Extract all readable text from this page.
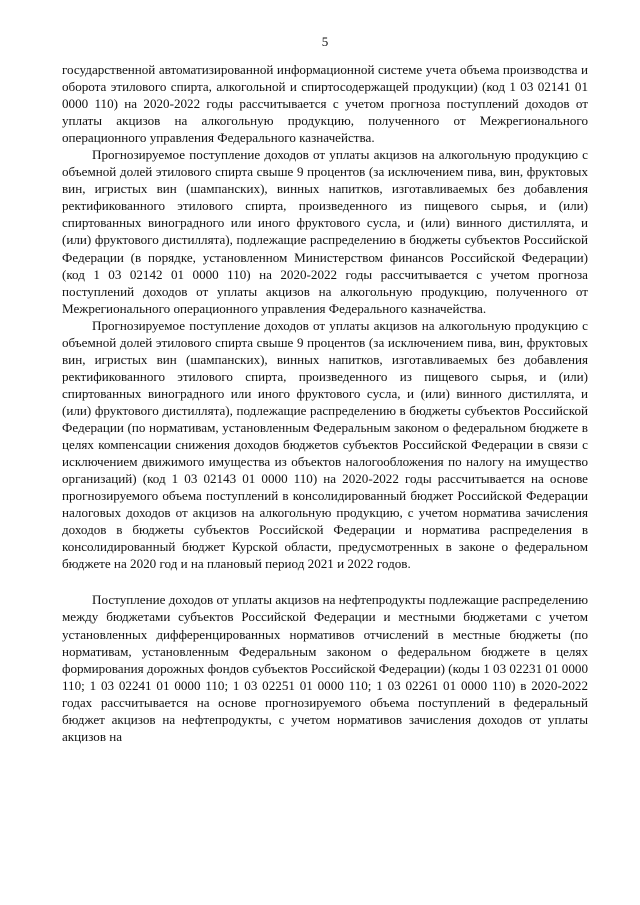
5

государственной автоматизированной информационной системе учета объема производства и оборота этилового спирта, алкогольной и спиртосодержащей продукции) (код 1 03 02141 01 0000 110) на 2020-2022 годы рассчитывается с учетом прогноза поступлений доходов от уплаты акцизов на алкогольную продукцию, полученного от Межрегионального операционного управления Федерального казначейства.

Прогнозируемое поступление доходов от уплаты акцизов на алкогольную продукцию с объемной долей этилового спирта свыше 9 процентов (за исключением пива, вин, фруктовых вин, игристых вин (шампанских), винных напитков, изготавливаемых без добавления ректификованного этилового спирта, произведенного из пищевого сырья, и (или) спиртованных виноградного или иного фруктового сусла, и (или) винного дистиллята, и (или) фруктового дистиллята), подлежащие распределению в бюджеты субъектов Российской Федерации (в порядке, установленном Министерством финансов Российской Федерации) (код 1 03 02142 01 0000 110) на 2020-2022 годы рассчитывается с учетом прогноза поступлений доходов от уплаты акцизов на алкогольную продукцию, полученного от Межрегионального операционного управления Федерального казначейства.

Прогнозируемое поступление доходов от уплаты акцизов на алкогольную продукцию с объемной долей этилового спирта свыше 9 процентов (за исключением пива, вин, фруктовых вин, игристых вин (шампанских), винных напитков, изготавливаемых без добавления ректификованного этилового спирта, произведенного из пищевого сырья, и (или) спиртованных виноградного или иного фруктового сусла, и (или) винного дистиллята, и (или) фруктового дистиллята), подлежащие распределению в бюджеты субъектов Российской Федерации (по нормативам, установленным Федеральным законом о федеральном бюджете в целях компенсации снижения доходов бюджетов субъектов Российской Федерации в связи с исключением движимого имущества из объектов налогообложения по налогу на имущество организаций) (код 1 03 02143 01 0000 110) на 2020-2022 годы рассчитывается на основе прогнозируемого объема поступлений в консолидированный бюджет Российской Федерации налоговых доходов от акцизов на алкогольную продукцию, с учетом норматива зачисления доходов в бюджеты субъектов Российской Федерации и норматива распределения в консолидированный бюджет Курской области, предусмотренных в законе о федеральном бюджете на 2020 год и на плановый период 2021 и 2022 годов.

Поступление доходов от уплаты акцизов на нефтепродукты подлежащие распределению между бюджетами субъектов Российской Федерации и местными бюджетами с учетом установленных дифференцированных нормативов отчислений в местные бюджеты (по нормативам, установленным Федеральным законом о федеральном бюджете в целях формирования дорожных фондов субъектов Российской Федерации) (коды 1 03 02231 01 0000 110; 1 03 02241 01 0000 110; 1 03 02251 01 0000 110; 1 03 02261 01 0000 110) в 2020-2022 годах рассчитывается на основе прогнозируемого объема поступлений в федеральный бюджет акцизов на нефтепродукты, с учетом нормативов зачисления доходов от уплаты акцизов на
